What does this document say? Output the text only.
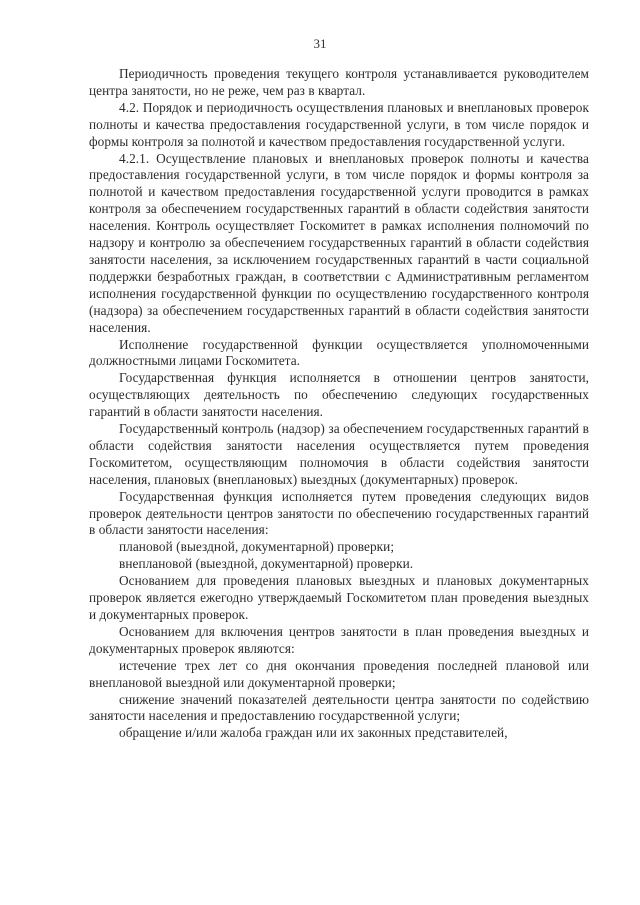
31

Периодичность проведения текущего контроля устанавливается руководителем центра занятости, но не реже, чем раз в квартал.

4.2. Порядок и периодичность осуществления плановых и внеплановых проверок полноты и качества предоставления государственной услуги, в том числе порядок и формы контроля за полнотой и качеством предоставления государственной услуги.

4.2.1. Осуществление плановых и внеплановых проверок полноты и качества предоставления государственной услуги, в том числе порядок и формы контроля за полнотой и качеством предоставления государственной услуги проводится в рамках контроля за обеспечением государственных гарантий в области содействия занятости населения. Контроль осуществляет Госкомитет в рамках исполнения полномочий по надзору и контролю за обеспечением государственных гарантий в области содействия занятости населения, за исключением государственных гарантий в части социальной поддержки безработных граждан, в соответствии с Административным регламентом исполнения государственной функции по осуществлению государственного контроля (надзора) за обеспечением государственных гарантий в области содействия занятости населения.

Исполнение государственной функции осуществляется уполномоченными должностными лицами Госкомитета.

Государственная функция исполняется в отношении центров занятости, осуществляющих деятельность по обеспечению следующих государственных гарантий в области занятости населения.

Государственный контроль (надзор) за обеспечением государственных гарантий в области содействия занятости населения осуществляется путем проведения Госкомитетом, осуществляющим полномочия в области содействия занятости населения, плановых (внеплановых) выездных (документарных) проверок.

Государственная функция исполняется путем проведения следующих видов проверок деятельности центров занятости по обеспечению государственных гарантий в области занятости населения:

плановой (выездной, документарной) проверки;

внеплановой (выездной, документарной) проверки.

Основанием для проведения плановых выездных и плановых документарных проверок является ежегодно утверждаемый Госкомитетом план проведения выездных и документарных проверок.

Основанием для включения центров занятости в план проведения выездных и документарных проверок являются:

истечение трех лет со дня окончания проведения последней плановой или внеплановой выездной или документарной проверки;

снижение значений показателей деятельности центра занятости по содействию занятости населения и предоставлению государственной услуги;

обращение и/или жалоба граждан или их законных представителей,
